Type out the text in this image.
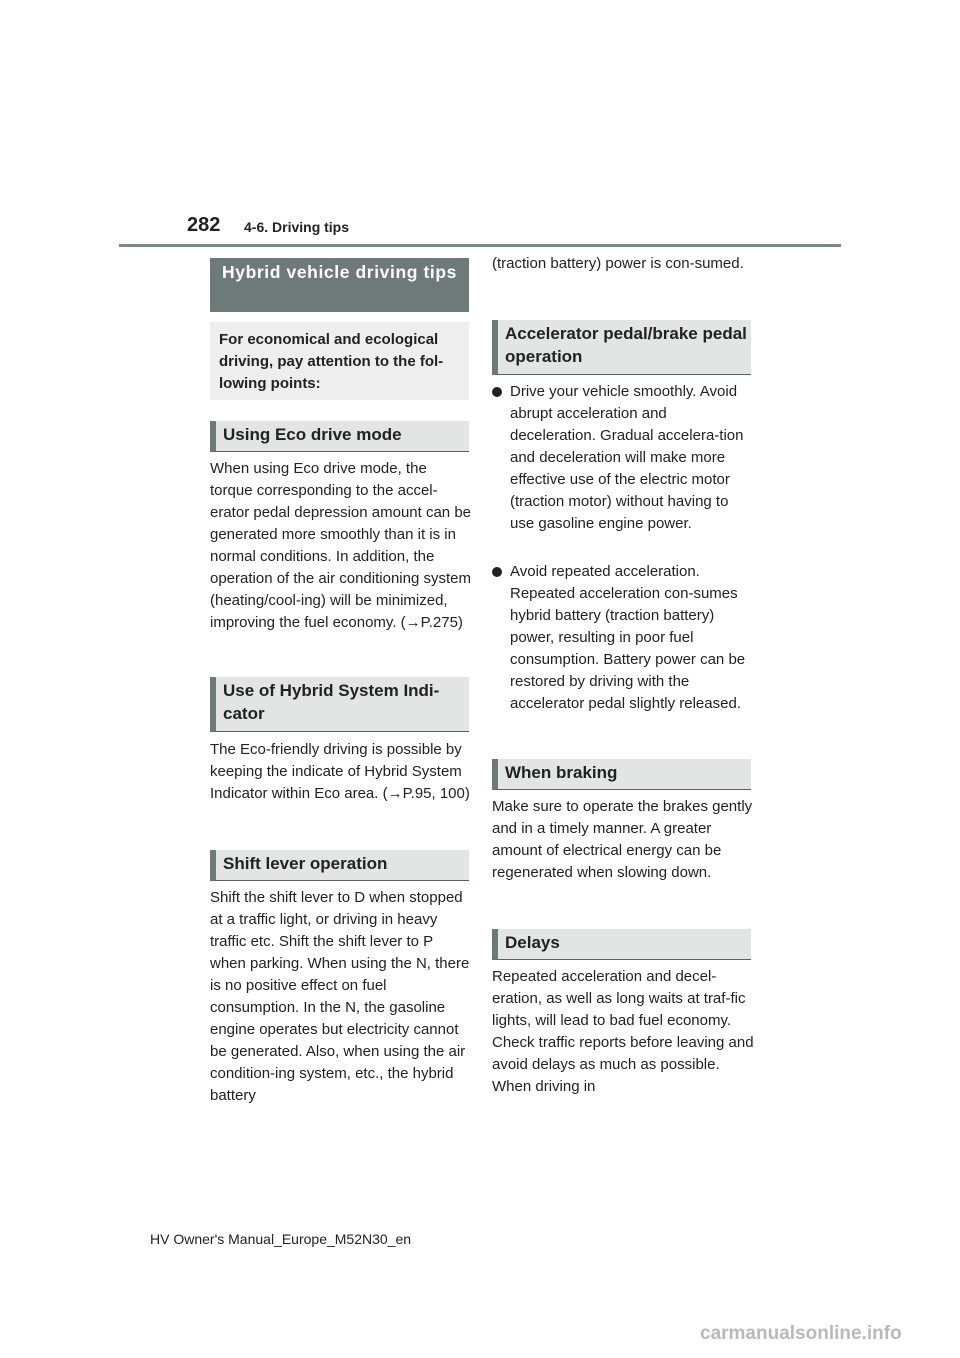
282 4-6. Driving tips
Hybrid vehicle driving tips
For economical and ecological driving, pay attention to the fol-lowing points:
Using Eco drive mode
When using Eco drive mode, the torque corresponding to the accel-erator pedal depression amount can be generated more smoothly than it is in normal conditions. In addition, the operation of the air conditioning system (heating/cool-ing) will be minimized, improving the fuel economy. (→P.275)
Use of Hybrid System Indi-cator
The Eco-friendly driving is possible by keeping the indicate of Hybrid System Indicator within Eco area. (→P.95, 100)
Shift lever operation
Shift the shift lever to D when stopped at a traffic light, or driving in heavy traffic etc. Shift the shift lever to P when parking. When using the N, there is no positive effect on fuel consumption. In the N, the gasoline engine operates but electricity cannot be generated. Also, when using the air condition-ing system, etc., the hybrid battery
(traction battery) power is con-sumed.
Accelerator pedal/brake pedal operation
Drive your vehicle smoothly. Avoid abrupt acceleration and deceleration. Gradual accelera-tion and deceleration will make more effective use of the electric motor (traction motor) without having to use gasoline engine power.
Avoid repeated acceleration. Repeated acceleration con-sumes hybrid battery (traction battery) power, resulting in poor fuel consumption. Battery power can be restored by driving with the accelerator pedal slightly released.
When braking
Make sure to operate the brakes gently and in a timely manner. A greater amount of electrical energy can be regenerated when slowing down.
Delays
Repeated acceleration and decel-eration, as well as long waits at traf-fic lights, will lead to bad fuel economy. Check traffic reports before leaving and avoid delays as much as possible. When driving in
HV Owner's Manual_Europe_M52N30_en
carmanualsonline.info
